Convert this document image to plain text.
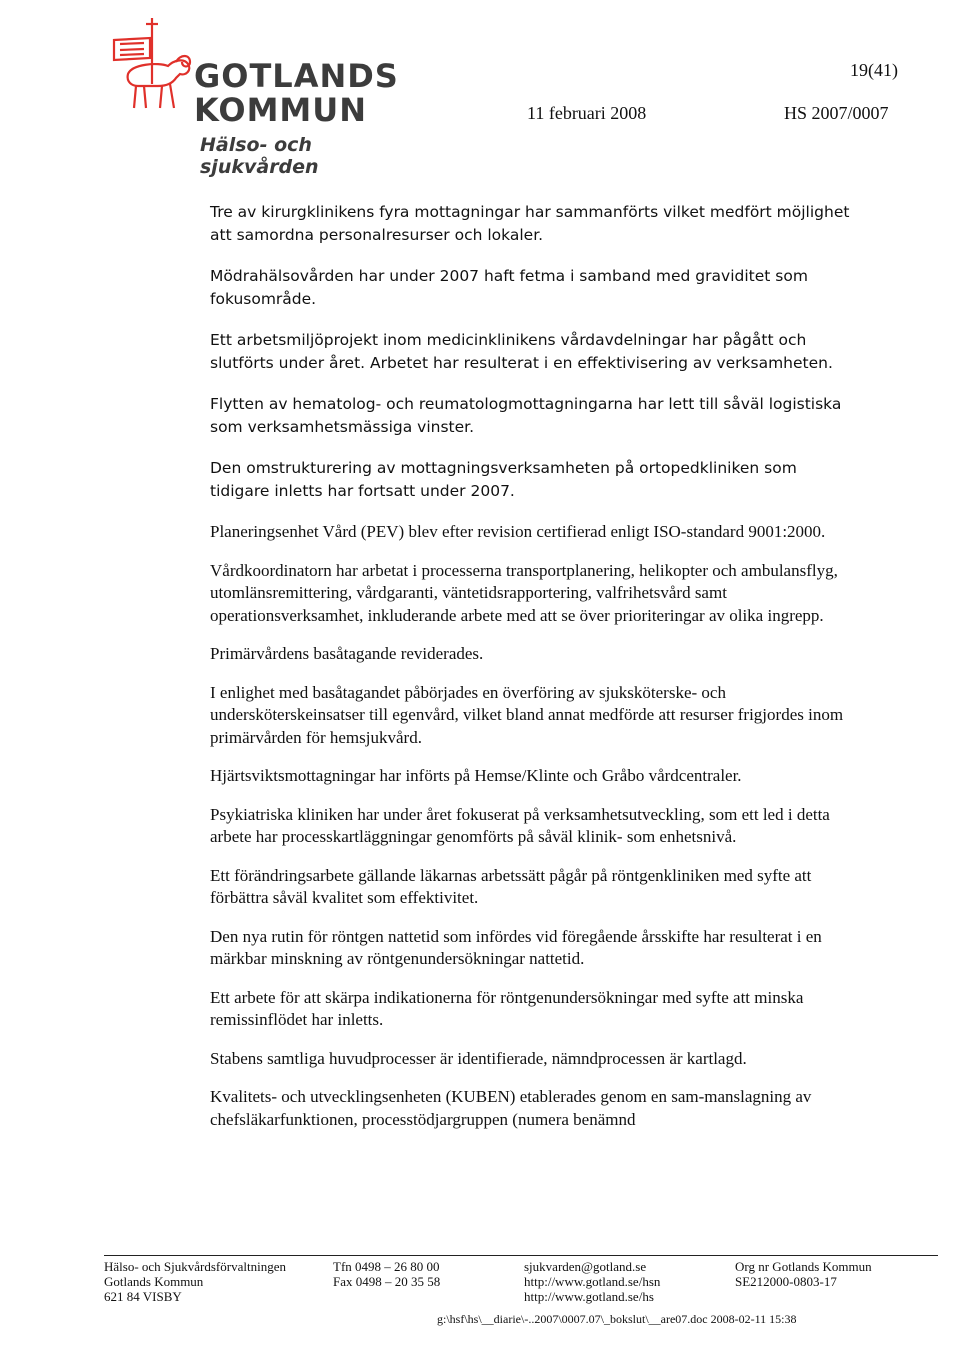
GOTLANDS
KOMMUN
Hälso- och sjukvården
19(41)
11 februari 2008	HS 2007/0007

Tre av kirurgklinikens fyra mottagningar har sammanförts vilket medfört möjlighet att samordna personalresurser och lokaler.

Mödrahälsovården har under 2007 haft fetma i samband med graviditet som fokusområde.

Ett arbetsmiljöprojekt inom medicinklinikens vårdavdelningar har pågått och slutförts under året. Arbetet har resulterat i en effektivisering av verksamheten.

Flytten av hematolog- och reumatologmottagningarna har lett till såväl logistiska som verksamhetsmässiga vinster.

Den omstrukturering av mottagningsverksamheten på ortopedkliniken som tidigare inletts har fortsatt under 2007.

Planeringsenhet Vård (PEV) blev efter revision certifierad enligt ISO-standard 9001:2000.

Vårdkoordinatorn har arbetat i processerna transportplanering, helikopter och ambulansflyg, utomlänsremittering, vårdgaranti, väntetidsrapportering, valfrihetsvård samt operationsverksamhet, inkluderande arbete med att se över prioriteringar av olika ingrepp.

Primärvårdens basåtagande reviderades.

I enlighet med basåtagandet påbörjades en överföring av sjuksköterske- och undersköterskeinsatser till egenvård, vilket bland annat medförde att resurser frigjordes inom primärvården för hemsjukvård.

Hjärtsviktsmottagningar har införts på Hemse/Klinte och Gråbo vårdcentraler.

Psykiatriska kliniken har under året fokuserat på verksamhetsutveckling, som ett led i detta arbete har processkartläggningar genomförts på såväl klinik- som enhetsnivå.

Ett förändringsarbete gällande läkarnas arbetssätt pågår på röntgenkliniken med syfte att förbättra såväl kvalitet som effektivitet.

Den nya rutin för röntgen nattetid som infördes vid föregående årsskifte har resulterat i en märkbar minskning av röntgenundersökningar nattetid.

Ett arbete för att skärpa indikationerna för röntgenundersökningar med syfte att minska remissinflödet har inletts.

Stabens samtliga huvudprocesser är identifierade, nämndprocessen är kartlagd.

Kvalitets- och utvecklingsenheten (KUBEN) etablerades genom en sam-manslagning av chefsläkarfunktionen, processtödjargruppen (numera benämnd

Hälso- och Sjukvårdsförvaltningen
Gotlands Kommun
621 84 VISBY
Tfn 0498 – 26 80 00
Fax 0498 – 20 35 58
sjukvarden@gotland.se
http://www.gotland.se/hsn
http://www.gotland.se/hs
Org nr Gotlands Kommun
SE212000-0803-17
g:\hsf\hs\__diarie\-..2007\0007.07\_bokslut\__are07.doc 2008-02-11 15:38
